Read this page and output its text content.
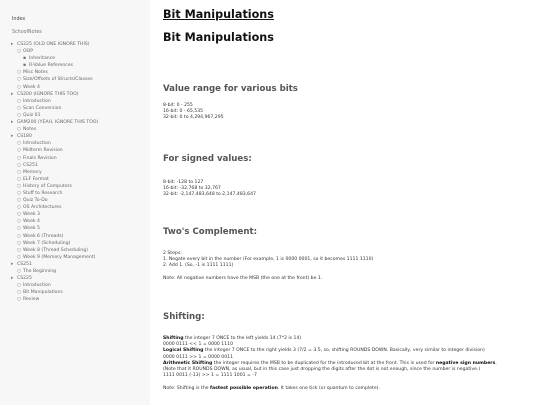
Index
SchoolNotes
▸ CS225 (OLD ONE IGNORE THIS)
○ OOP
▪ Inheritance
▪ R-Value References
○ Misc Notes
○ Size/Offsets of Structs/Classes
○ Week 4
▸ CS200 (IGNORE THIS TOO)
○ Introduction
○ Scan Conversion
○ Quiz 01
▸ GAM200 (YEAH, IGNORE THIS TOO)
○ Notes
▸ CS180
○ Introduction
○ Midterm Revision
○ Finals Revision
○ CS251
○ Memory
○ ELF Format
○ History of Computers
○ Stuff to Research
○ Quiz To-Do
○ OS Architectures
○ Week 3
○ Week 4
○ Week 5
○ Week 6 (Threads)
○ Week 7 (Scheduling)
○ Week 8 (Thread Scheduling)
○ Week 9 (Memory Management)
▸ CS251
○ The Beginning
▸ CS225
○ Introduction
○ Bit Manipulations
○ Review
Bit Manipulations
Bit Manipulations
Value range for various bits
8-bit: 0 - 255
16-bit: 0 - 65,535
32-bit: 0 to 4,294,967,295
For signed values:
8-bit: -128 to 127
16-bit: -32,768 to 32,767
32-bit: -2,147,483,648 to 2,147,483,647
Two's Complement:
2 Steps:
1. Negate every bit in the number (For example, 1 is 0000 0001, so it becomes 1111 1110)
2. Add 1. (So, -1 is 1111 1111)
Note: All negative numbers have the MSB (the one at the front) be 1.
Shifting:
Shifting the integer 7 ONCE to the left yields 14 (7*2 is 14)
0000 0111 << 1 = 0000 1110
Logical Shifting the integer 7 ONCE to the right yields 3 (7/2 = 3.5, so, shifting ROUNDS DOWN. Basically, very similar to integer division)
0000 0111 >> 1 = 0000 0011
Arithmetic Shifting the integer requires the MSB to be duplicated for the introduced bit at the front. This is used for negative sign numbers.
(Note that it ROUNDS DOWN, as usual, but in this case just dropping the digits after the dot is not enough, since the number is negative.)
1111 0011 (-13) >> 1 = 1111 1001 = -7
Note: Shifting is the fastest possible operation. It takes one tick (or quantum to complete).
